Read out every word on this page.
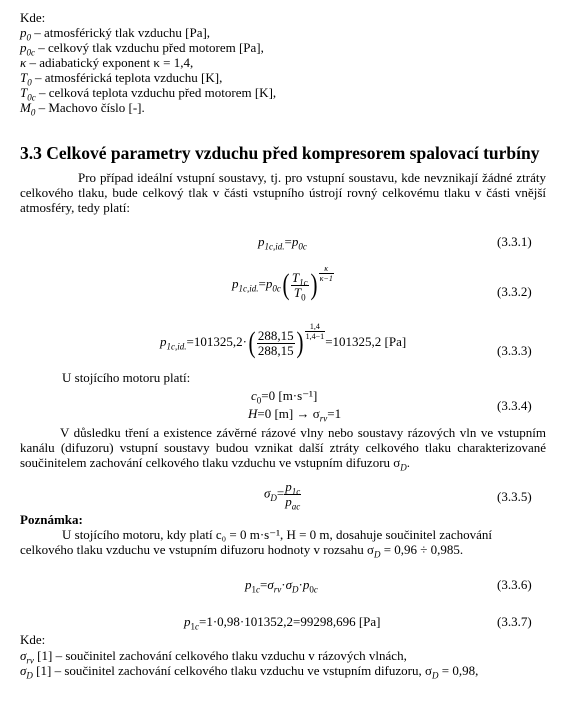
Kde:
$p_0$ – atmosférický tlak vzduchu [Pa],
$p_{0c}$ – celkový tlak vzduchu před motorem [Pa],
κ – adiabatický exponent κ = 1,4,
$T_0$ – atmosférická teplota vzduchu [K],
$T_{0c}$ – celková teplota vzduchu před motorem [K],
$M_0$ – Machovo číslo [-].
3.3 Celkové parametry vzduchu před kompresorem spalovací turbíny
Pro případ ideální vstupní soustavy, tj. pro vstupní soustavu, kde nevznikají žádné ztráty
celkového tlaku, bude celkový tlak v části vstupního ústrojí rovný celkovému tlaku v části vnější
atmosféry, tedy platí:
$p_{1c,id.}=p_{0c}$	(3.3.1)
$p_{1c,id.}=p_{0c}( \frac{T_{1c}}{T_0}$ ) $\frac{\kappa}{\kappa-1}$
(3.3.2)
$p_{1c,id.}=101325,2\cdot( \frac{288,15}{288,15}$ ) $\frac{1,4}{1,4-1}$
=101325,2 [Pa]
(3.3.3)
U stojícího motoru platí:
$c_0=0$ [m·s⁻¹]
H=0 $[m] \to \sigma_{rv}=1$
(3.3.4)
V důsledku tření a existence závěrné rázové vlny nebo soustavy rázových vln ve vstupním
kanálu (difuzoru) vstupní soustavy budou vznikat další ztráty celkového tlaku charakterizované
součinitelem zachování celkového tlaku vzduchu ve vstupním difuzoru $\sigma_D$.
$\sigma_D= \frac{p_{1c}}{p_{ac}}$	(3.3.5)
Poznámka:
U stojícího motoru, kdy platí c₀ = 0 m·s⁻¹, H = 0 m, dosahuje součinitel zachování
celkového tlaku vzduchu ve vstupním difuzoru hodnoty v rozsahu $\sigma_D = 0,96 \div 0,985$.
$p_{1c}=\sigma_{rv}\cdot\sigma_D\cdot p_{0c}$	(3.3.6)
$p_{1c}=1\cdot 0,98\cdot 101352,2=99298,696$ [Pa]	(3.3.7)
Kde:
$\sigma_{rv}$ [1] – součinitel zachování celkového tlaku vzduchu v rázových vlnách,
$\sigma_D$ [1] – součinitel zachování celkového tlaku vzduchu ve vstupním difuzoru, $\sigma_D = 0,98$,
